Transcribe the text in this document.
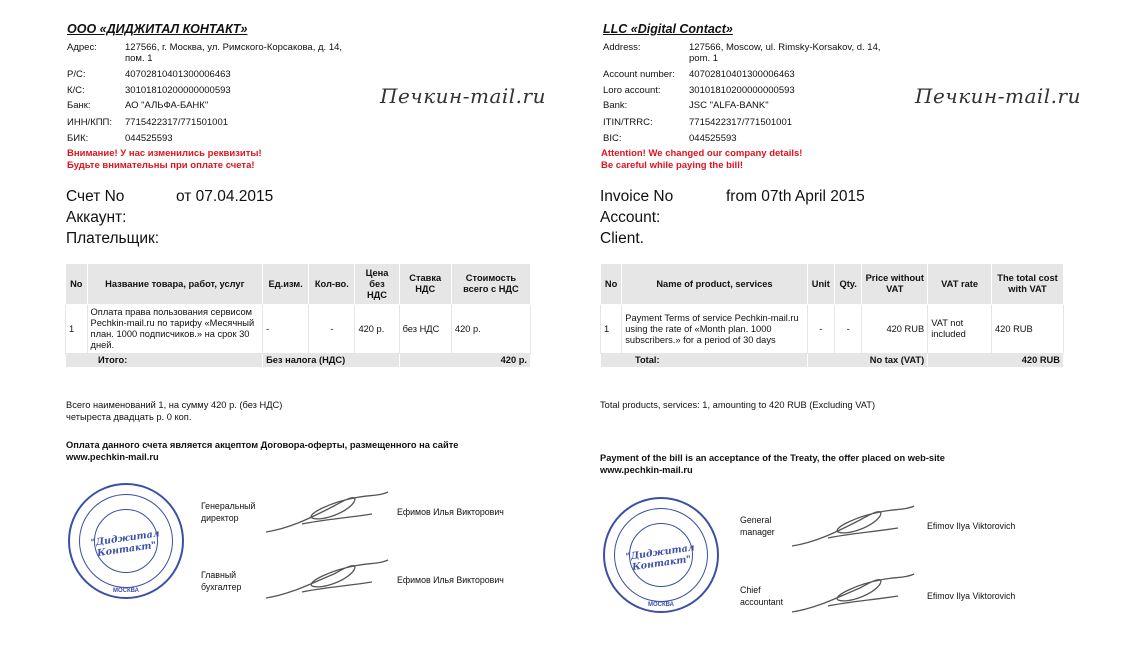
ООО «ДИДЖИТАЛ КОНТАКТ»
Адрес:	127566, г. Москва, ул. Римского-Корсакова, д. 14,
пом. 1
Р/С:	40702810401300006463
К/С:	30101810200000000593
Банк:	АО "АЛЬФА-БАНК"
ИНН/КПП:	7715422317/771501001
БИК:	044525593
Внимание! У нас изменились реквизиты!
Будьте внимательны при оплате счета!
Печкин-mail.ru
Счет No	от 07.04.2015
Аккаунт:
Плательщик:
No	Название товара, работ, услуг	Ед.изм.	Кол-во.	Цена без НДС	Ставка НДС	Стоимость всего с НДС
1	Оплата права пользования сервисом Pechkin-mail.ru по тарифу «Месячный план. 1000 подписчиков.» на срок 30 дней.	-	-	420 р.	без НДС	420 р.
Итого:		Без налога (НДС)			420 р.	
Всего наименований 1, на сумму 420 р. (без НДС)
четыреста двадцать р. 0 коп.
Оплата данного счета является акцептом Договора-оферты, размещенного на сайте
www.pechkin-mail.ru
"Диджитал Контакт"
МОСКВА
Генеральный
директор
Ефимов Илья Викторович
Главный
бухгалтер
Ефимов Илья Викторович
LLC «Digital Contact»
Address:	127566, Moscow, ul. Rimsky-Korsakov, d. 14,
pom. 1
Account number:	40702810401300006463
Loro account:	30101810200000000593
Bank:	JSC "ALFA-BANK"
ITIN/TRRC:	7715422317/771501001
BIC:	044525593
Attention! We changed our company details!
Be careful while paying the bill!
Печкин-mail.ru
Invoice No	from 07th April 2015
Account:
Client.
No	Name of product, services	Unit	Qty.	Price without VAT	VAT rate	The total cost with VAT
1	Payment Terms of service Pechkin-mail.ru using the rate of «Month plan. 1000 subscribers.» for a period of 30 days	-	-	420 RUB	VAT not included	420 RUB
Total:		No tax (VAT)			420 RUB	
Total products, services: 1, amounting to 420 RUB (Excluding VAT)
Payment of the bill is an acceptance of the Treaty, the offer placed on web-site
www.pechkin-mail.ru
"Диджитал Контакт"
МОСКВА
General
manager
Efimov Ilya Viktorovich
Chief
accountant
Efimov Ilya Viktorovich
